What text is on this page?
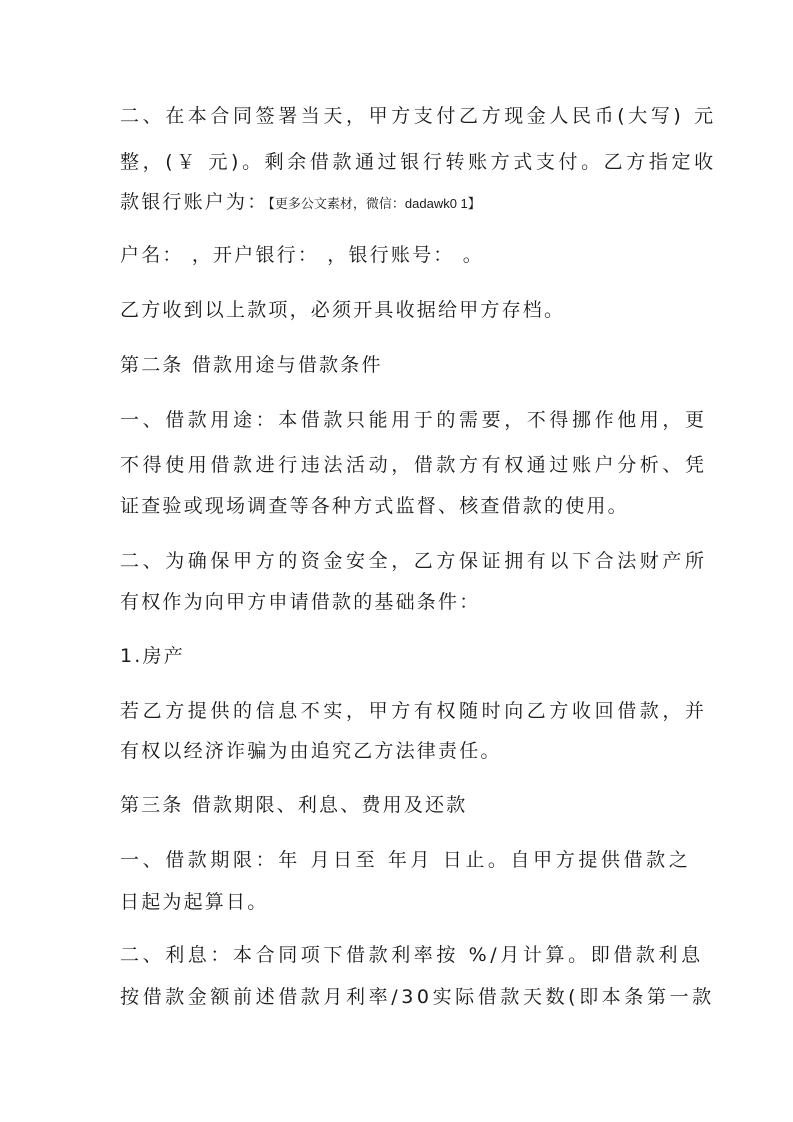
二、在本合同签署当天，甲方支付乙方现金人民币(大写) 元
整，(￥ 元)。剩余借款通过银行转账方式支付。乙方指定收
款银行账户为：【更多公文素材，微信：dadawk0 1】
户名： ，开户银行： ，银行账号： 。
乙方收到以上款项，必须开具收据给甲方存档。
第二条 借款用途与借款条件
一、借款用途：本借款只能用于的需要，不得挪作他用，更
不得使用借款进行违法活动，借款方有权通过账户分析、凭
证查验或现场调查等各种方式监督、核查借款的使用。
二、为确保甲方的资金安全，乙方保证拥有以下合法财产所
有权作为向甲方申请借款的基础条件：
1.房产
若乙方提供的信息不实，甲方有权随时向乙方收回借款，并
有权以经济诈骗为由追究乙方法律责任。
第三条 借款期限、利息、费用及还款
一、借款期限：年 月日至 年月 日止。自甲方提供借款之
日起为起算日。
二、利息：本合同项下借款利率按 %/月计算。即借款利息
按借款金额前述借款月利率/30实际借款天数(即本条第一款
